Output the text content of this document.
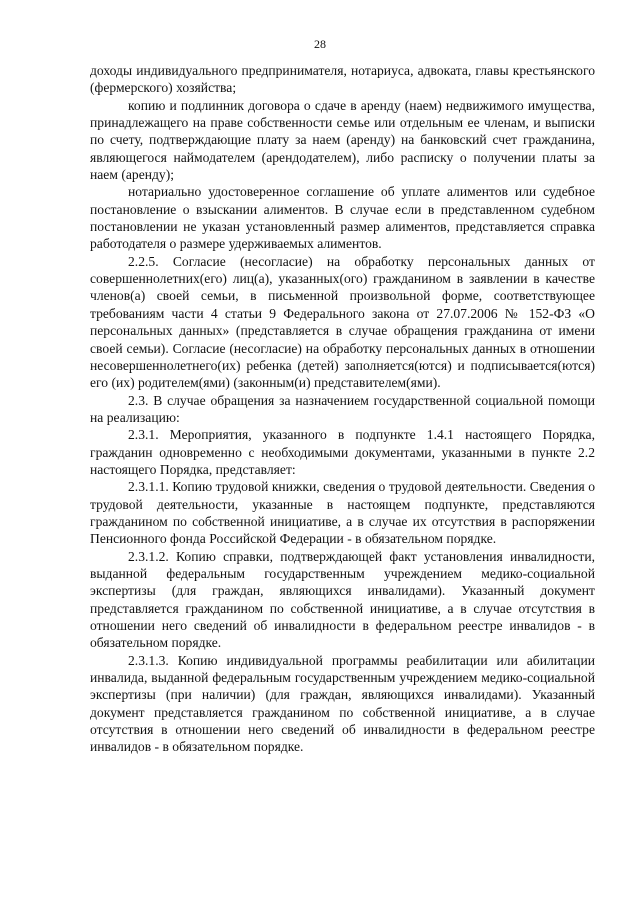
28

доходы индивидуального предпринимателя, нотариуса, адвоката, главы крестьянского (фермерского) хозяйства;

копию и подлинник договора о сдаче в аренду (наем) недвижимого имущества, принадлежащего на праве собственности семье или отдельным ее членам, и выписки по счету, подтверждающие плату за наем (аренду) на банковский счет гражданина, являющегося наймодателем (арендодателем), либо расписку о получении платы за наем (аренду);

нотариально удостоверенное соглашение об уплате алиментов или судебное постановление о взыскании алиментов. В случае если в представленном судебном постановлении не указан установленный размер алиментов, представляется справка работодателя о размере удерживаемых алиментов.

2.2.5. Согласие (несогласие) на обработку персональных данных от совершеннолетних(его) лиц(а), указанных(ого) гражданином в заявлении в качестве членов(а) своей семьи, в письменной произвольной форме, соответствующее требованиям части 4 статьи 9 Федерального закона от 27.07.2006 № 152-ФЗ «О персональных данных» (представляется в случае обращения гражданина от имени своей семьи). Согласие (несогласие) на обработку персональных данных в отношении несовершеннолетнего(их) ребенка (детей) заполняется(ются) и подписывается(ются) его (их) родителем(ями) (законным(и) представителем(ями).

2.3. В случае обращения за назначением государственной социальной помощи на реализацию:

2.3.1. Мероприятия, указанного в подпункте 1.4.1 настоящего Порядка, гражданин одновременно с необходимыми документами, указанными в пункте 2.2 настоящего Порядка, представляет:

2.3.1.1. Копию трудовой книжки, сведения о трудовой деятельности. Сведения о трудовой деятельности, указанные в настоящем подпункте, представляются гражданином по собственной инициативе, а в случае их отсутствия в распоряжении Пенсионного фонда Российской Федерации - в обязательном порядке.

2.3.1.2. Копию справки, подтверждающей факт установления инвалидности, выданной федеральным государственным учреждением медико-социальной экспертизы (для граждан, являющихся инвалидами). Указанный документ представляется гражданином по собственной инициативе, а в случае отсутствия в отношении него сведений об инвалидности в федеральном реестре инвалидов - в обязательном порядке.

2.3.1.3. Копию индивидуальной программы реабилитации или абилитации инвалида, выданной федеральным государственным учреждением медико-социальной экспертизы (при наличии) (для граждан, являющихся инвалидами). Указанный документ представляется гражданином по собственной инициативе, а в случае отсутствия в отношении него сведений об инвалидности в федеральном реестре инвалидов - в обязательном порядке.
